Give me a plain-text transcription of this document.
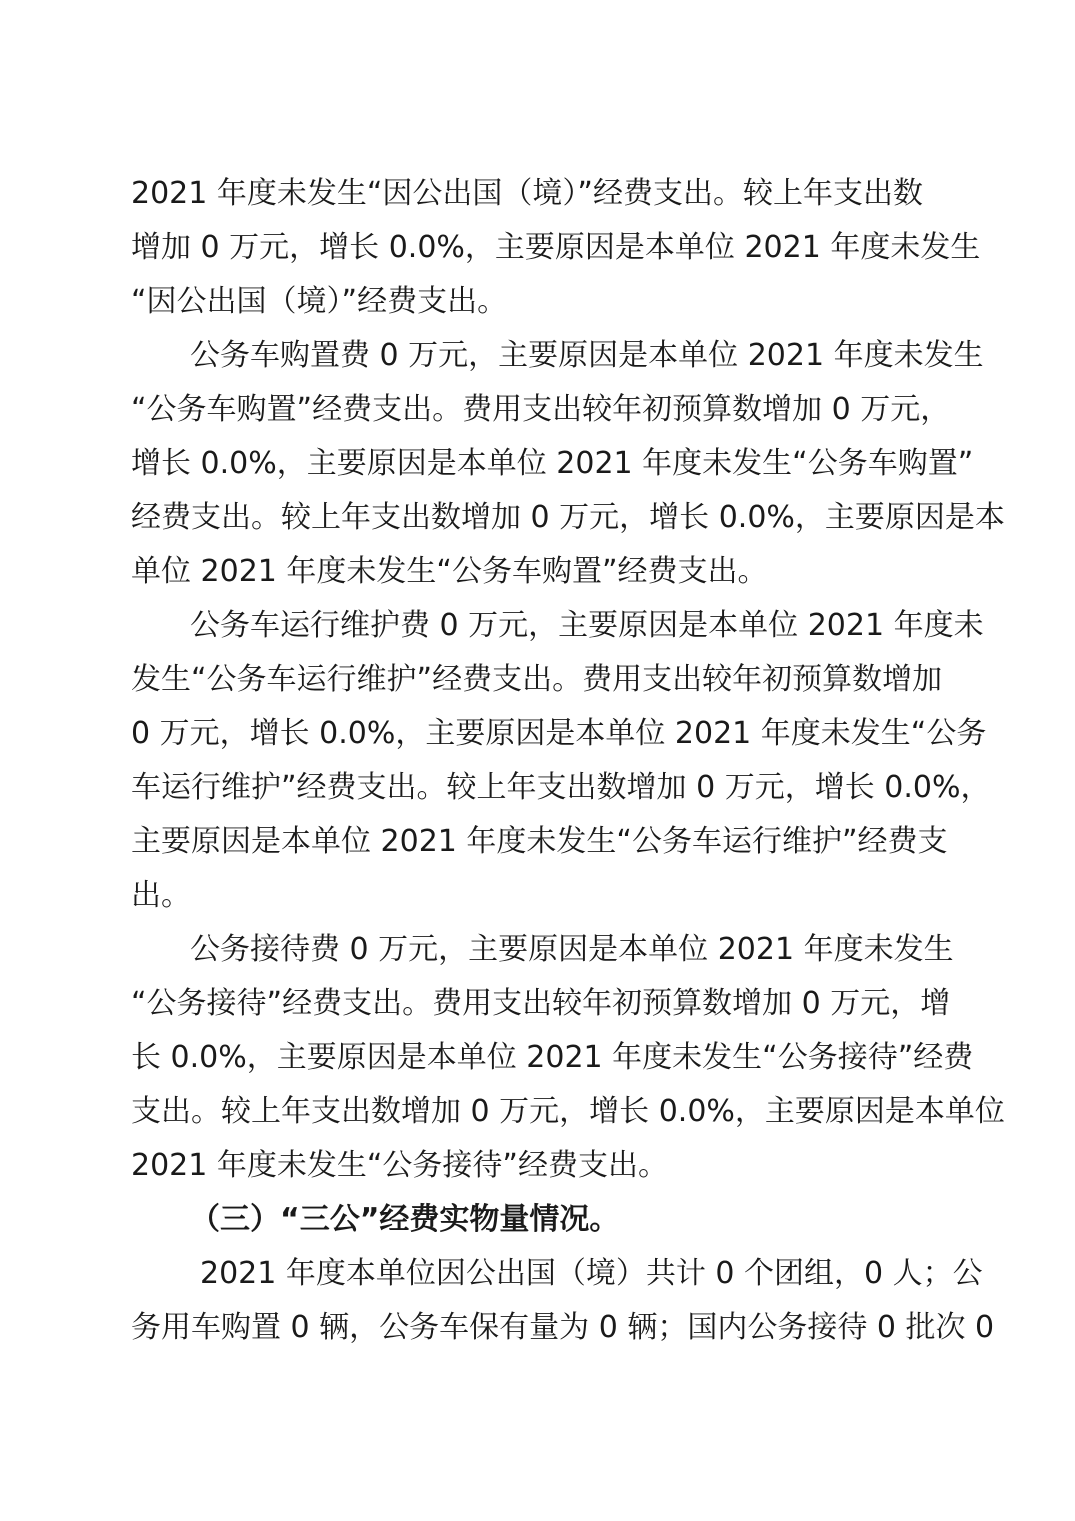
2021 年度未发生“因公出国（境）”经费支出。较上年支出数
增加 0 万元，增长 0.0%，主要原因是本单位 2021 年度未发生
“因公出国（境）”经费支出。
公务车购置费 0 万元，主要原因是本单位 2021 年度未发生
“公务车购置”经费支出。费用支出较年初预算数增加 0 万元，
增长 0.0%，主要原因是本单位 2021 年度未发生“公务车购置”
经费支出。较上年支出数增加 0 万元，增长 0.0%，主要原因是本
单位 2021 年度未发生“公务车购置”经费支出。
公务车运行维护费 0 万元，主要原因是本单位 2021 年度未
发生“公务车运行维护”经费支出。费用支出较年初预算数增加
0 万元，增长 0.0%，主要原因是本单位 2021 年度未发生“公务
车运行维护”经费支出。较上年支出数增加 0 万元，增长 0.0%，
主要原因是本单位 2021 年度未发生“公务车运行维护”经费支
出。
公务接待费 0 万元，主要原因是本单位 2021 年度未发生
“公务接待”经费支出。费用支出较年初预算数增加 0 万元，增
长 0.0%，主要原因是本单位 2021 年度未发生“公务接待”经费
支出。较上年支出数增加 0 万元，增长 0.0%，主要原因是本单位
2021 年度未发生“公务接待”经费支出。
（三）“三公”经费实物量情况。
2021 年度本单位因公出国（境）共计 0 个团组，0 人；公
务用车购置 0 辆，公务车保有量为 0 辆；国内公务接待 0 批次 0
